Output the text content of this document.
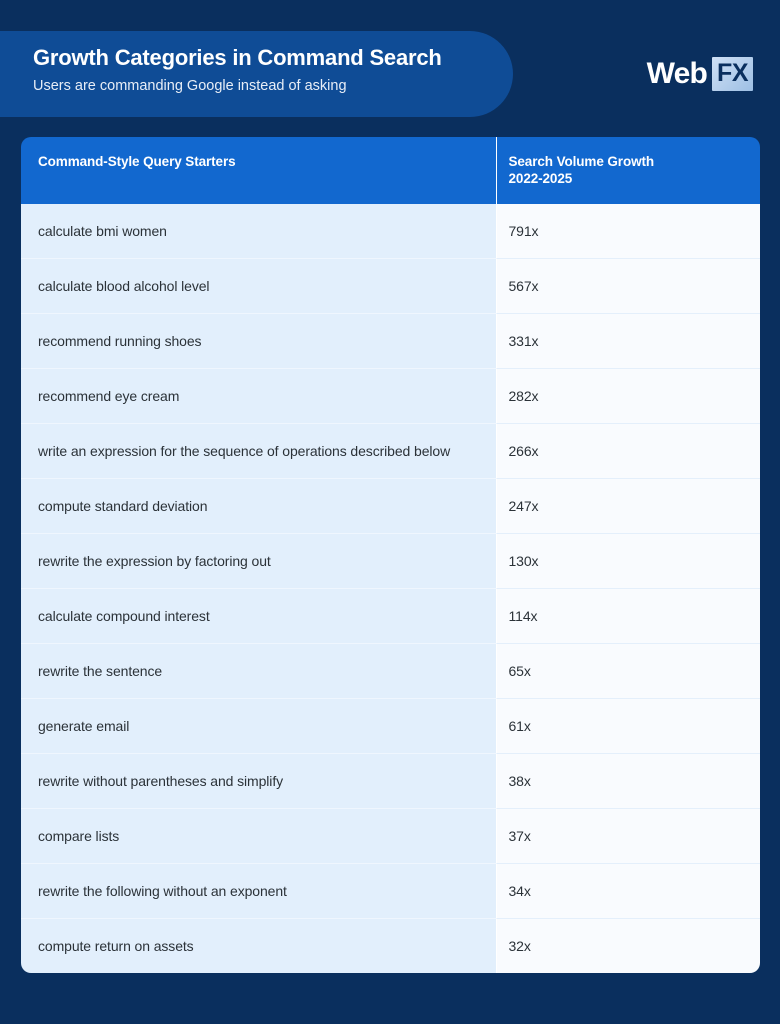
Growth Categories in Command Search
Users are commanding Google instead of asking	Web FX
Command-Style Query Starters	Search Volume Growth
2022-2025
calculate bmi women	791x
calculate blood alcohol level	567x
recommend running shoes	331x
recommend eye cream	282x
write an expression for the sequence of operations described below	266x
compute standard deviation	247x
rewrite the expression by factoring out	130x
calculate compound interest	114x
rewrite the sentence	65x
generate email	61x
rewrite without parentheses and simplify	38x
compare lists	37x
rewrite the following without an exponent	34x
compute return on assets	32x
